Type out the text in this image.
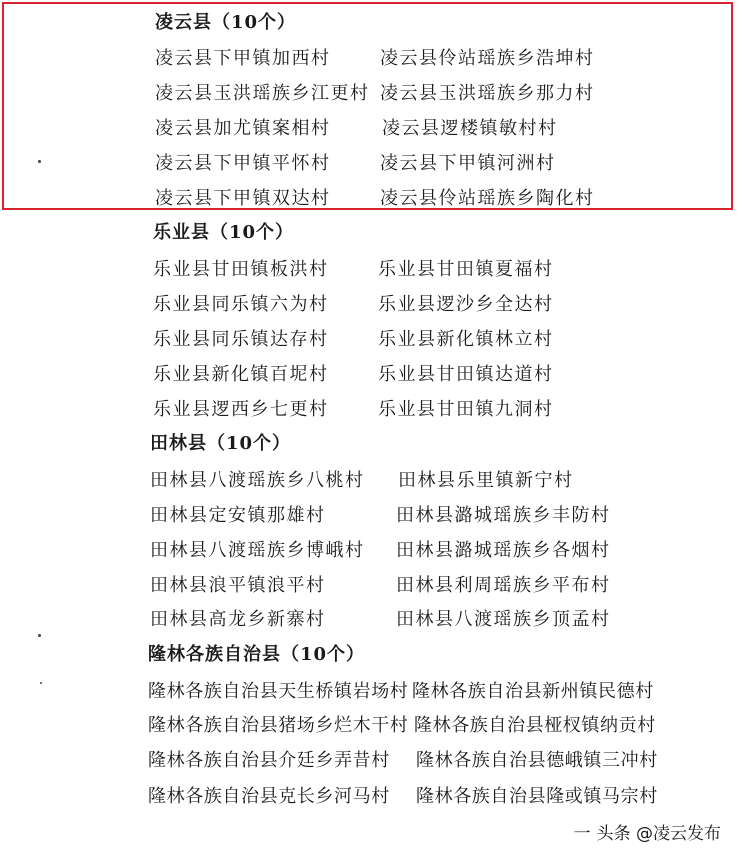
凌云县（10个）
凌云县下甲镇加西村	凌云县伶站瑶族乡浩坤村
凌云县玉洪瑶族乡江更村 凌云县玉洪瑶族乡那力村
凌云县加尤镇案相村	凌云县逻楼镇敏村村
凌云县下甲镇平怀村	凌云县下甲镇河洲村
凌云县下甲镇双达村	凌云县伶站瑶族乡陶化村
乐业县（10个）
乐业县甘田镇板洪村	乐业县甘田镇夏福村
乐业县同乐镇六为村	乐业县逻沙乡全达村
乐业县同乐镇达存村	乐业县新化镇林立村
乐业县新化镇百坭村	乐业县甘田镇达道村
乐业县逻西乡七更村	乐业县甘田镇九洞村
田林县（10个）
田林县八渡瑶族乡八桃村 田林县乐里镇新宁村
田林县定安镇那雄村	田林县潞城瑶族乡丰防村
田林县八渡瑶族乡博峨村 田林县潞城瑶族乡各烟村
田林县浪平镇浪平村	田林县利周瑶族乡平布村
田林县高龙乡新寨村	田林县八渡瑶族乡顶孟村
隆林各族自治县（10个）
隆林各族自治县天生桥镇岩场村 隆林各族自治县新州镇民德村
隆林各族自治县猪场乡烂木干村 隆林各族自治县桠杈镇纳贡村
隆林各族自治县介廷乡弄昔村 隆林各族自治县德峨镇三冲村
隆林各族自治县克长乡河马村 隆林各族自治县隆或镇马宗村
一 头条 @凌云发布
